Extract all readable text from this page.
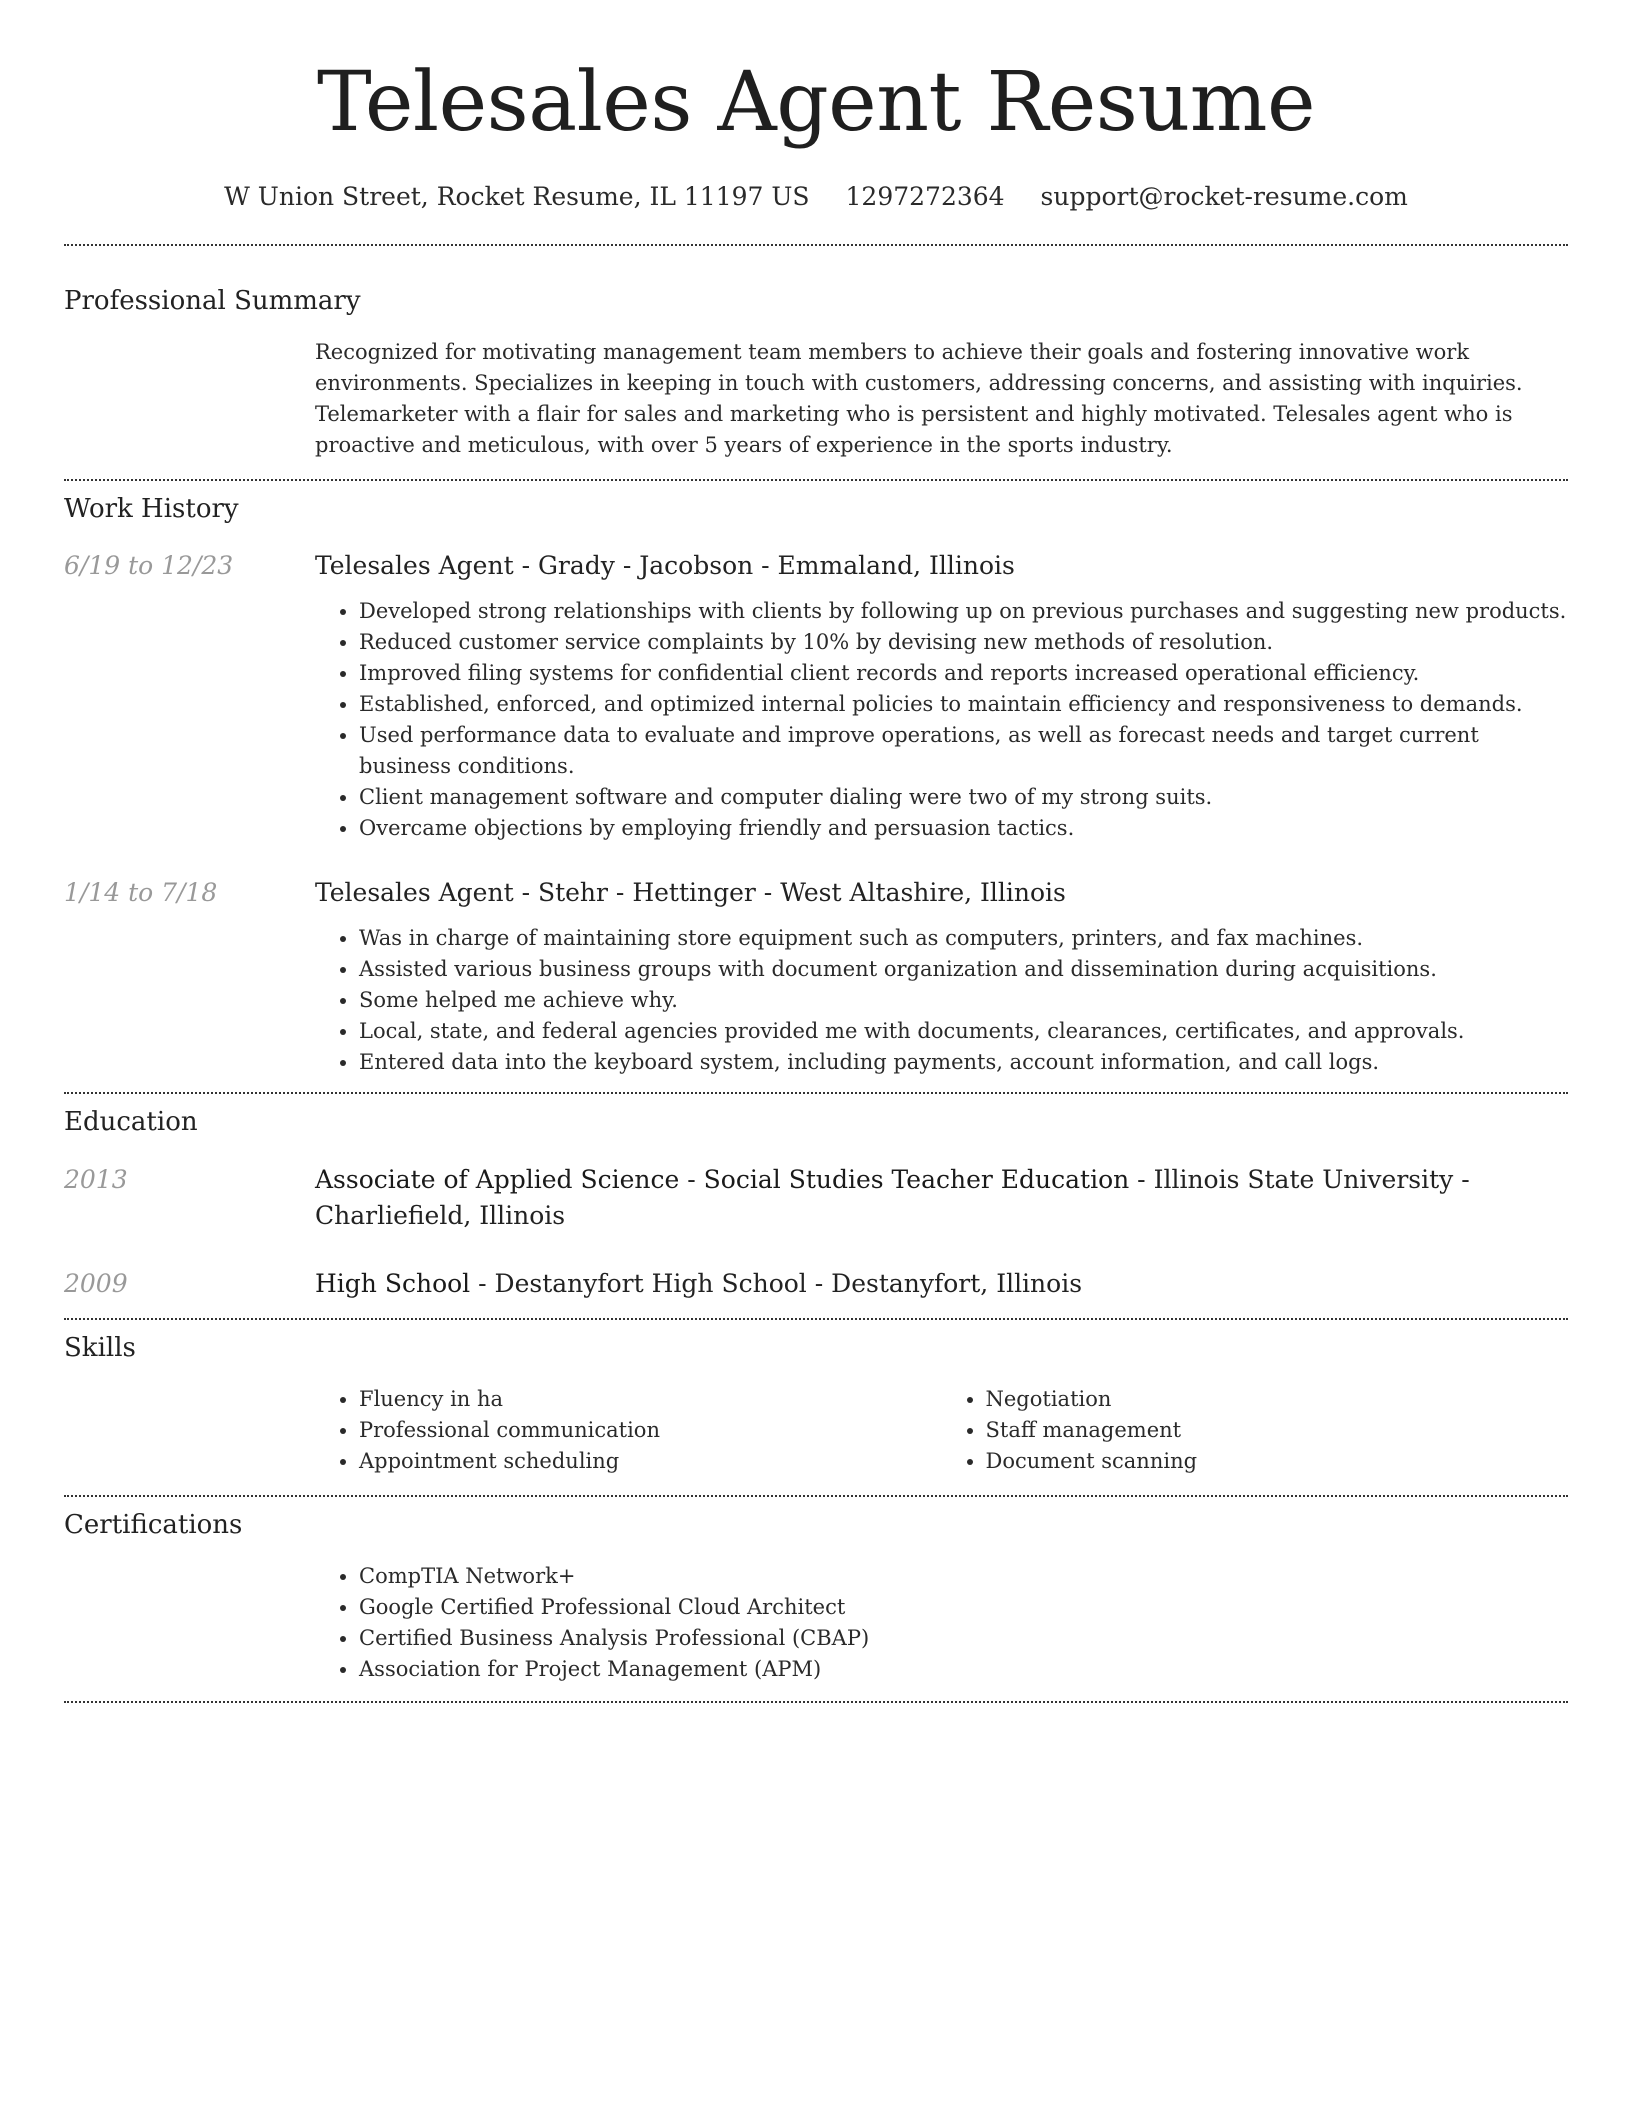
Telesales Agent Resume
W Union Street, Rocket Resume, IL 11197 US 1297272364 support@rocket-resume.com
Professional Summary

Recognized for motivating management team members to achieve their goals and fostering innovative work environments. Specializes in keeping in touch with customers, addressing concerns, and assisting with inquiries. Telemarketer with a flair for sales and marketing who is persistent and highly motivated. Telesales agent who is proactive and meticulous, with over 5 years of experience in the sports industry.

Work History
6/19 to 12/23	Telesales Agent - Grady - Jacobson - Emmaland, Illinois

• Developed strong relationships with clients by following up on previous purchases and suggesting new products.
• Reduced customer service complaints by 10% by devising new methods of resolution.
• Improved filing systems for confidential client records and reports increased operational efficiency.
• Established, enforced, and optimized internal policies to maintain efficiency and responsiveness to demands.
• Used performance data to evaluate and improve operations, as well as forecast needs and target current business conditions.
• Client management software and computer dialing were two of my strong suits.
• Overcame objections by employing friendly and persuasion tactics.
1/14 to 7/18	Telesales Agent - Stehr - Hettinger - West Altashire, Illinois

• Was in charge of maintaining store equipment such as computers, printers, and fax machines.
• Assisted various business groups with document organization and dissemination during acquisitions.
• Some helped me achieve why.
• Local, state, and federal agencies provided me with documents, clearances, certificates, and approvals.
• Entered data into the keyboard system, including payments, account information, and call logs.
Education
2013	Associate of Applied Science - Social Studies Teacher Education - Illinois State University - Charliefield, Illinois

2009	High School - Destanyfort High School - Destanyfort, Illinois

Skills
• Fluency in ha
• Professional communication
• Appointment scheduling
• Negotiation
• Staff management
• Document scanning
Certifications
• CompTIA Network+
• Google Certified Professional Cloud Architect
• Certified Business Analysis Professional (CBAP)
• Association for Project Management (APM)
